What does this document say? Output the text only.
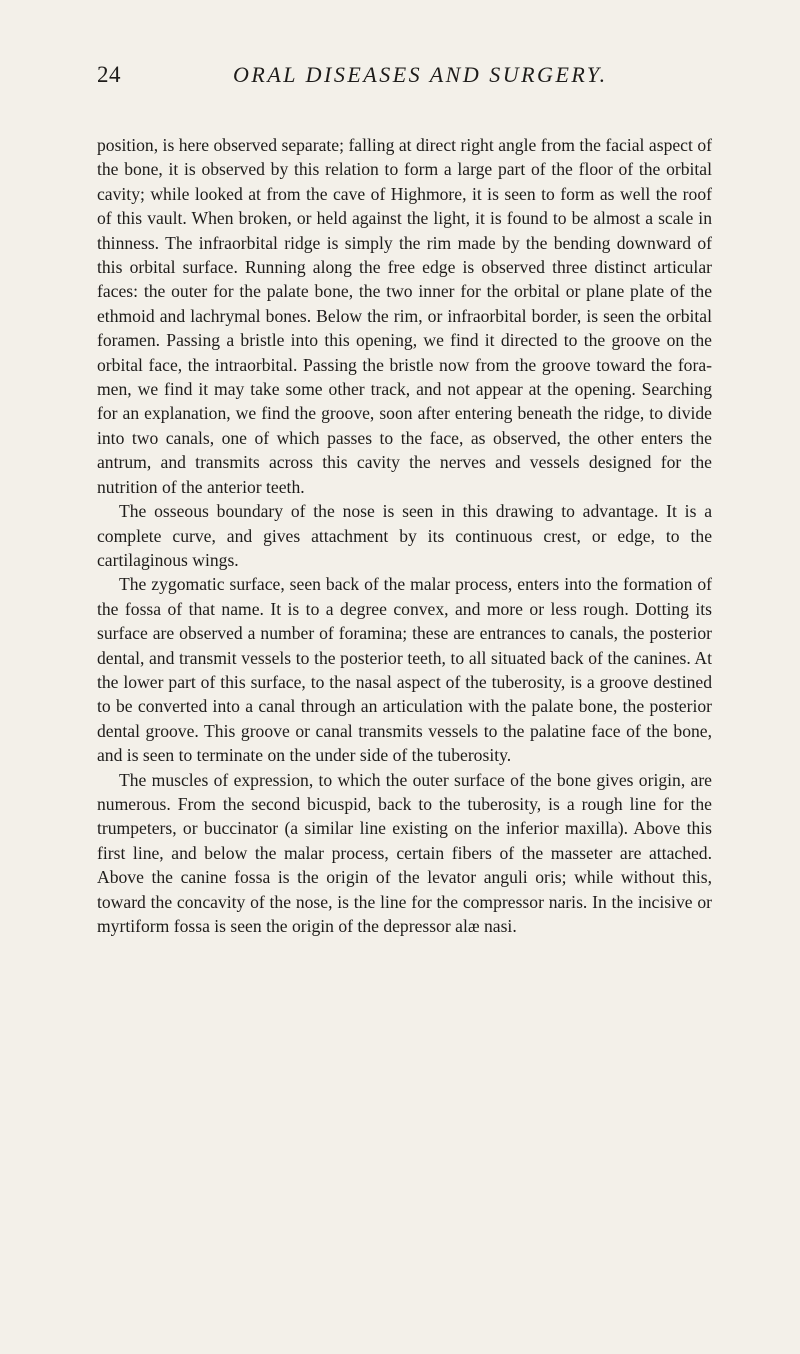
24	ORAL DISEASES AND SURGERY.

position, is here observed separate; falling at direct right angle from the facial aspect of the bone, it is observed by this relation to form a large part of the floor of the orbital cavity; while looked at from the cave of Highmore, it is seen to form as well the roof of this vault. When broken, or held against the light, it is found to be almost a scale in thinness. The infraorbital ridge is simply the rim made by the bending downward of this orbital surface. Running along the free edge is observed three distinct articular faces: the outer for the palate bone, the two inner for the orbital or plane plate of the ethmoid and lachrymal bones. Below the rim, or infraorbital border, is seen the orbital foramen. Passing a bristle into this opening, we find it directed to the groove on the orbital face, the intraorbital. Passing the bristle now from the groove toward the foramen, we find it may take some other track, and not appear at the opening. Searching for an explanation, we find the groove, soon after entering beneath the ridge, to divide into two canals, one of which passes to the face, as observed, the other enters the antrum, and transmits across this cavity the nerves and vessels designed for the nutrition of the anterior teeth.

The osseous boundary of the nose is seen in this drawing to advantage. It is a complete curve, and gives attachment by its continuous crest, or edge, to the cartilaginous wings.

The zygomatic surface, seen back of the malar process, enters into the formation of the fossa of that name. It is to a degree convex, and more or less rough. Dotting its surface are observed a number of foramina; these are entrances to canals, the posterior dental, and transmit vessels to the posterior teeth, to all situated back of the canines. At the lower part of this surface, to the nasal aspect of the tuberosity, is a groove destined to be converted into a canal through an articulation with the palate bone, the posterior dental groove. This groove or canal transmits vessels to the palatine face of the bone, and is seen to terminate on the under side of the tuberosity.

The muscles of expression, to which the outer surface of the bone gives origin, are numerous. From the second bicuspid, back to the tuberosity, is a rough line for the trumpeters, or buccinator (a similar line existing on the inferior maxilla). Above this first line, and below the malar process, certain fibers of the masseter are attached. Above the canine fossa is the origin of the levator anguli oris; while without this, toward the concavity of the nose, is the line for the compressor naris. In the incisive or myrtiform fossa is seen the origin of the depressor alæ nasi.
